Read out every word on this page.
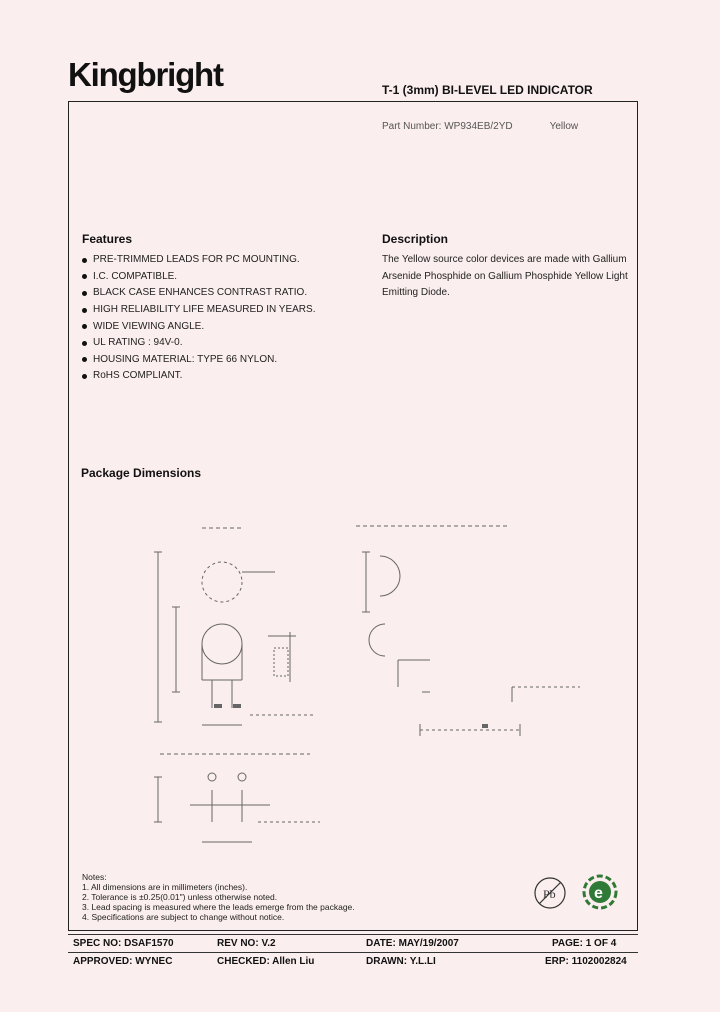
Kingbright	T-1 (3mm) BI-LEVEL LED INDICATOR
Part Number: WP934EB/2YD	Yellow
Features
PRE-TRIMMED LEADS FOR PC MOUNTING.
I.C. COMPATIBLE.
BLACK CASE ENHANCES CONTRAST RATIO.
HIGH RELIABILITY LIFE MEASURED IN YEARS.
WIDE VIEWING ANGLE.
UL RATING : 94V-0.
HOUSING MATERIAL: TYPE 66 NYLON.
RoHS COMPLIANT.
Description
The Yellow source color devices are made with Gallium Arsenide Phosphide on Gallium Phosphide Yellow Light Emitting Diode.
Package Dimensions
Notes:
1. All dimensions are in millimeters (inches).
2. Tolerance is ±0.25(0.01") unless otherwise noted.
3. Lead spacing is measured where the leads emerge from the package.
4. Specifications are subject to change without notice.
Pb e
SPEC NO: DSAF1570	REV NO: V.2	DATE: MAY/19/2007	PAGE: 1 OF 4
APPROVED: WYNEC	CHECKED: Allen Liu	DRAWN: Y.L.LI	ERP: 1102002824
